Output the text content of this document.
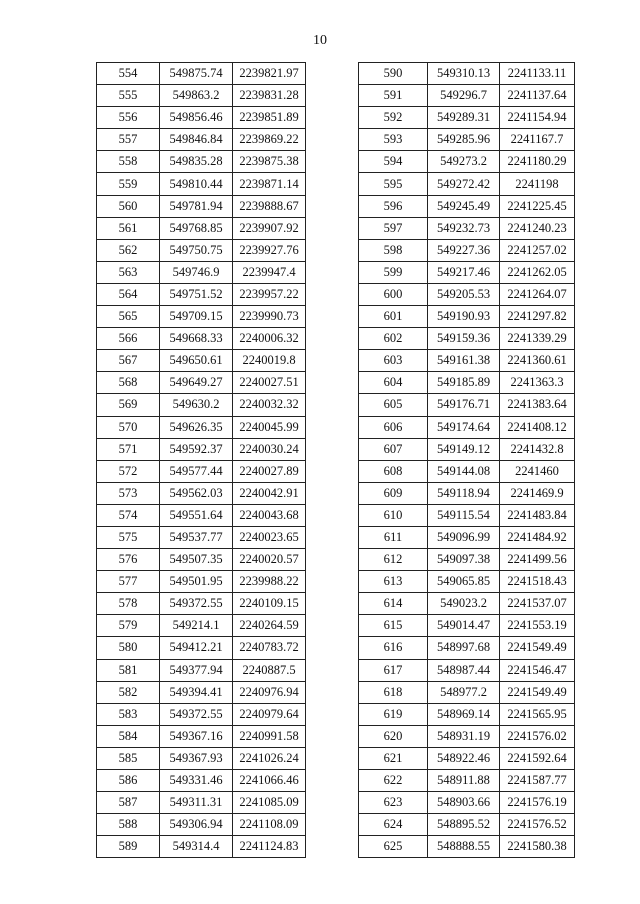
10
554	549875.74	2239821.97
555	549863.2	2239831.28
556	549856.46	2239851.89
557	549846.84	2239869.22
558	549835.28	2239875.38
559	549810.44	2239871.14
560	549781.94	2239888.67
561	549768.85	2239907.92
562	549750.75	2239927.76
563	549746.9	2239947.4
564	549751.52	2239957.22
565	549709.15	2239990.73
566	549668.33	2240006.32
567	549650.61	2240019.8
568	549649.27	2240027.51
569	549630.2	2240032.32
570	549626.35	2240045.99
571	549592.37	2240030.24
572	549577.44	2240027.89
573	549562.03	2240042.91
574	549551.64	2240043.68
575	549537.77	2240023.65
576	549507.35	2240020.57
577	549501.95	2239988.22
578	549372.55	2240109.15
579	549214.1	2240264.59
580	549412.21	2240783.72
581	549377.94	2240887.5
582	549394.41	2240976.94
583	549372.55	2240979.64
584	549367.16	2240991.58
585	549367.93	2241026.24
586	549331.46	2241066.46
587	549311.31	2241085.09
588	549306.94	2241108.09
589	549314.4	2241124.83
590	549310.13	2241133.11
591	549296.7	2241137.64
592	549289.31	2241154.94
593	549285.96	2241167.7
594	549273.2	2241180.29
595	549272.42	2241198
596	549245.49	2241225.45
597	549232.73	2241240.23
598	549227.36	2241257.02
599	549217.46	2241262.05
600	549205.53	2241264.07
601	549190.93	2241297.82
602	549159.36	2241339.29
603	549161.38	2241360.61
604	549185.89	2241363.3
605	549176.71	2241383.64
606	549174.64	2241408.12
607	549149.12	2241432.8
608	549144.08	2241460
609	549118.94	2241469.9
610	549115.54	2241483.84
611	549096.99	2241484.92
612	549097.38	2241499.56
613	549065.85	2241518.43
614	549023.2	2241537.07
615	549014.47	2241553.19
616	548997.68	2241549.49
617	548987.44	2241546.47
618	548977.2	2241549.49
619	548969.14	2241565.95
620	548931.19	2241576.02
621	548922.46	2241592.64
622	548911.88	2241587.77
623	548903.66	2241576.19
624	548895.52	2241576.52
625	548888.55	2241580.38
